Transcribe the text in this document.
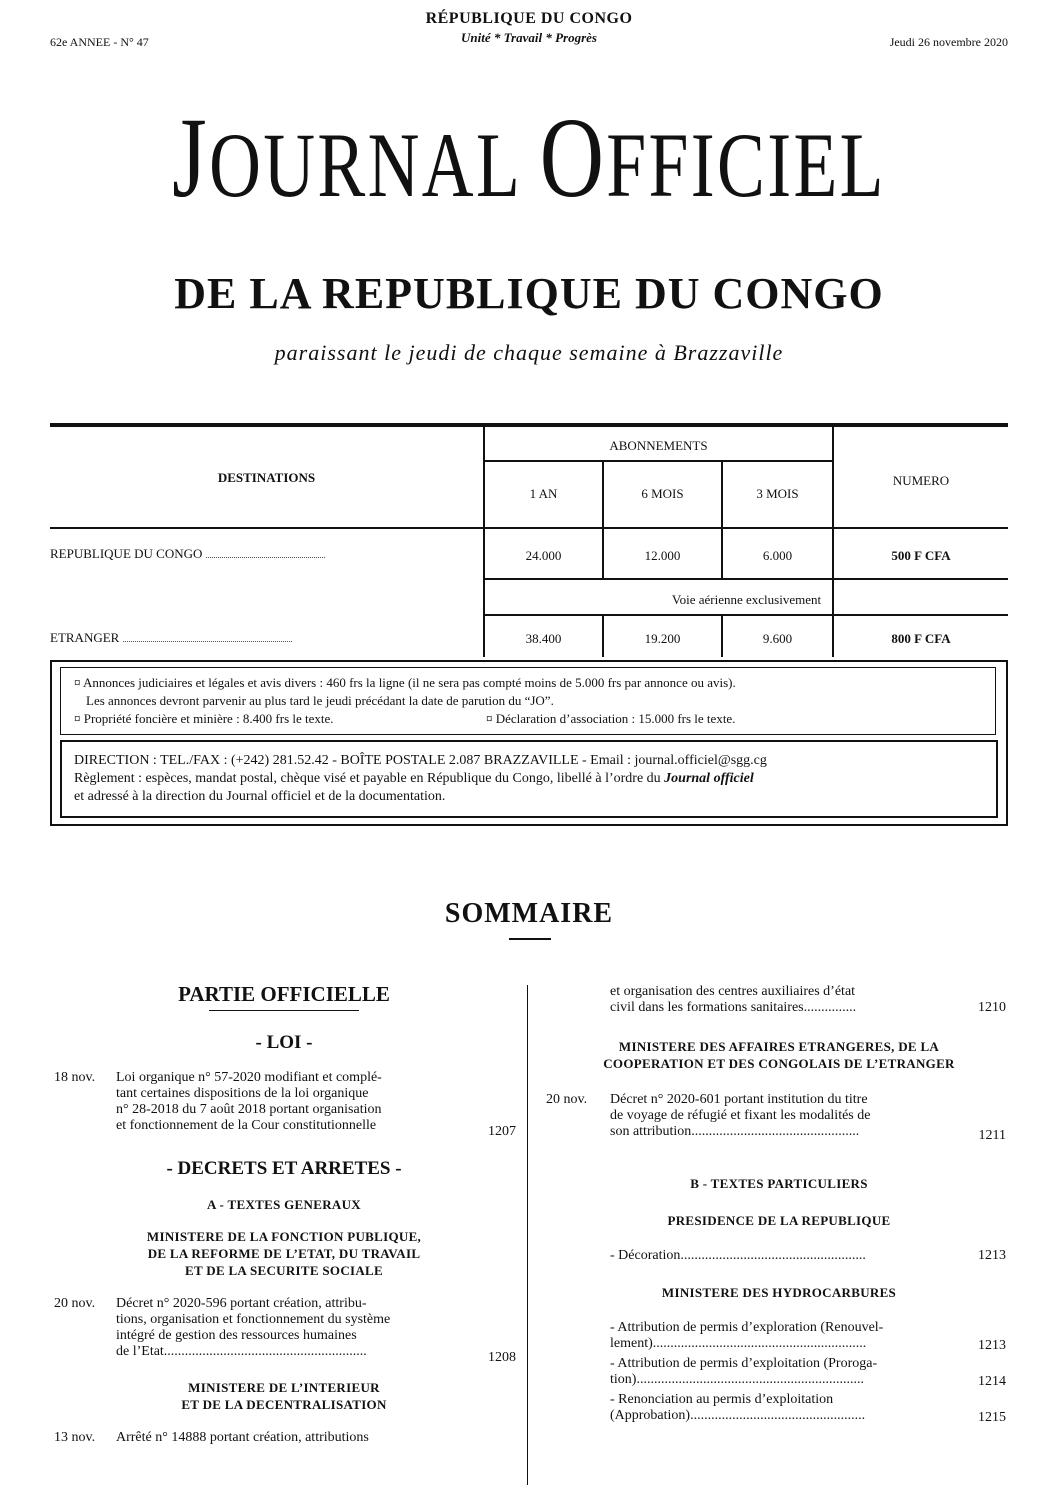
62e ANNEE - N° 47
RÉPUBLIQUE DU CONGO
Unité * Travail * Progrès	Jeudi 26 novembre 2020
JOURNAL OFFICIEL
DE LA REPUBLIQUE DU CONGO
paraissant le jeudi de chaque semaine à Brazzaville
DESTINATIONS
ABONNEMENTS
1 AN	6 MOIS	3 MOIS
NUMERO
REPUBLIQUE DU CONGO ............................................................	24.000	12.000	6.000	500 F CFA
Voie aérienne exclusivement
ETRANGER .....................................................................................	38.400	19.200	9.600	800 F CFA
¤ Annonces judiciaires et légales et avis divers : 460 frs la ligne (il ne sera pas compté moins de 5.000 frs par annonce ou avis).
Les annonces devront parvenir au plus tard le jeudi précédant la date de parution du “JO”.
¤ Propriété foncière et minière : 8.400 frs le texte.	¤ Déclaration d’association : 15.000 frs le texte.
DIRECTION : TEL./FAX : (+242) 281.52.42 - BOÎTE POSTALE 2.087 BRAZZAVILLE - Email : journal.officiel@sgg.cg
Règlement : espèces, mandat postal, chèque visé et payable en République du Congo, libellé à l’ordre du Journal officiel
et adressé à la direction du Journal officiel et de la documentation.
SOMMAIRE
PARTIE OFFICIELLE
- LOI -
18 nov. Loi organique n° 57-2020 modifiant et complé-
tant certaines dispositions de la loi organique
n° 28-2018 du 7 août 2018 portant organisation
et fonctionnement de la Cour constitutionnelle	1207
- DECRETS ET ARRETES -
A - TEXTES GENERAUX
MINISTERE DE LA FONCTION PUBLIQUE,
DE LA REFORME DE L’ETAT, DU TRAVAIL
ET DE LA SECURITE SOCIALE
20 nov. Décret n° 2020-596 portant création, attribu-
tions, organisation et fonctionnement du système
intégré de gestion des ressources humaines
de l’Etat..........................................................	1208
MINISTERE DE L’INTERIEUR
ET DE LA DECENTRALISATION
13 nov. Arrêté n° 14888 portant création, attributions
et organisation des centres auxiliaires d’état
civil dans les formations sanitaires...............	1210
MINISTERE DES AFFAIRES ETRANGERES, DE LA
COOPERATION ET DES CONGOLAIS DE L’ETRANGER
20 nov. Décret n° 2020-601 portant institution du titre
de voyage de réfugié et fixant les modalités de
son attribution................................................	1211
B - TEXTES PARTICULIERS
PRESIDENCE DE LA REPUBLIQUE
- Décoration.....................................................	1213
MINISTERE DES HYDROCARBURES
- Attribution de permis d’exploration (Renouvel-
lement).............................................................	1213
- Attribution de permis d’exploitation (Proroga-
tion).................................................................	1214
- Renonciation au permis d’exploitation
(Approbation)..................................................	1215
